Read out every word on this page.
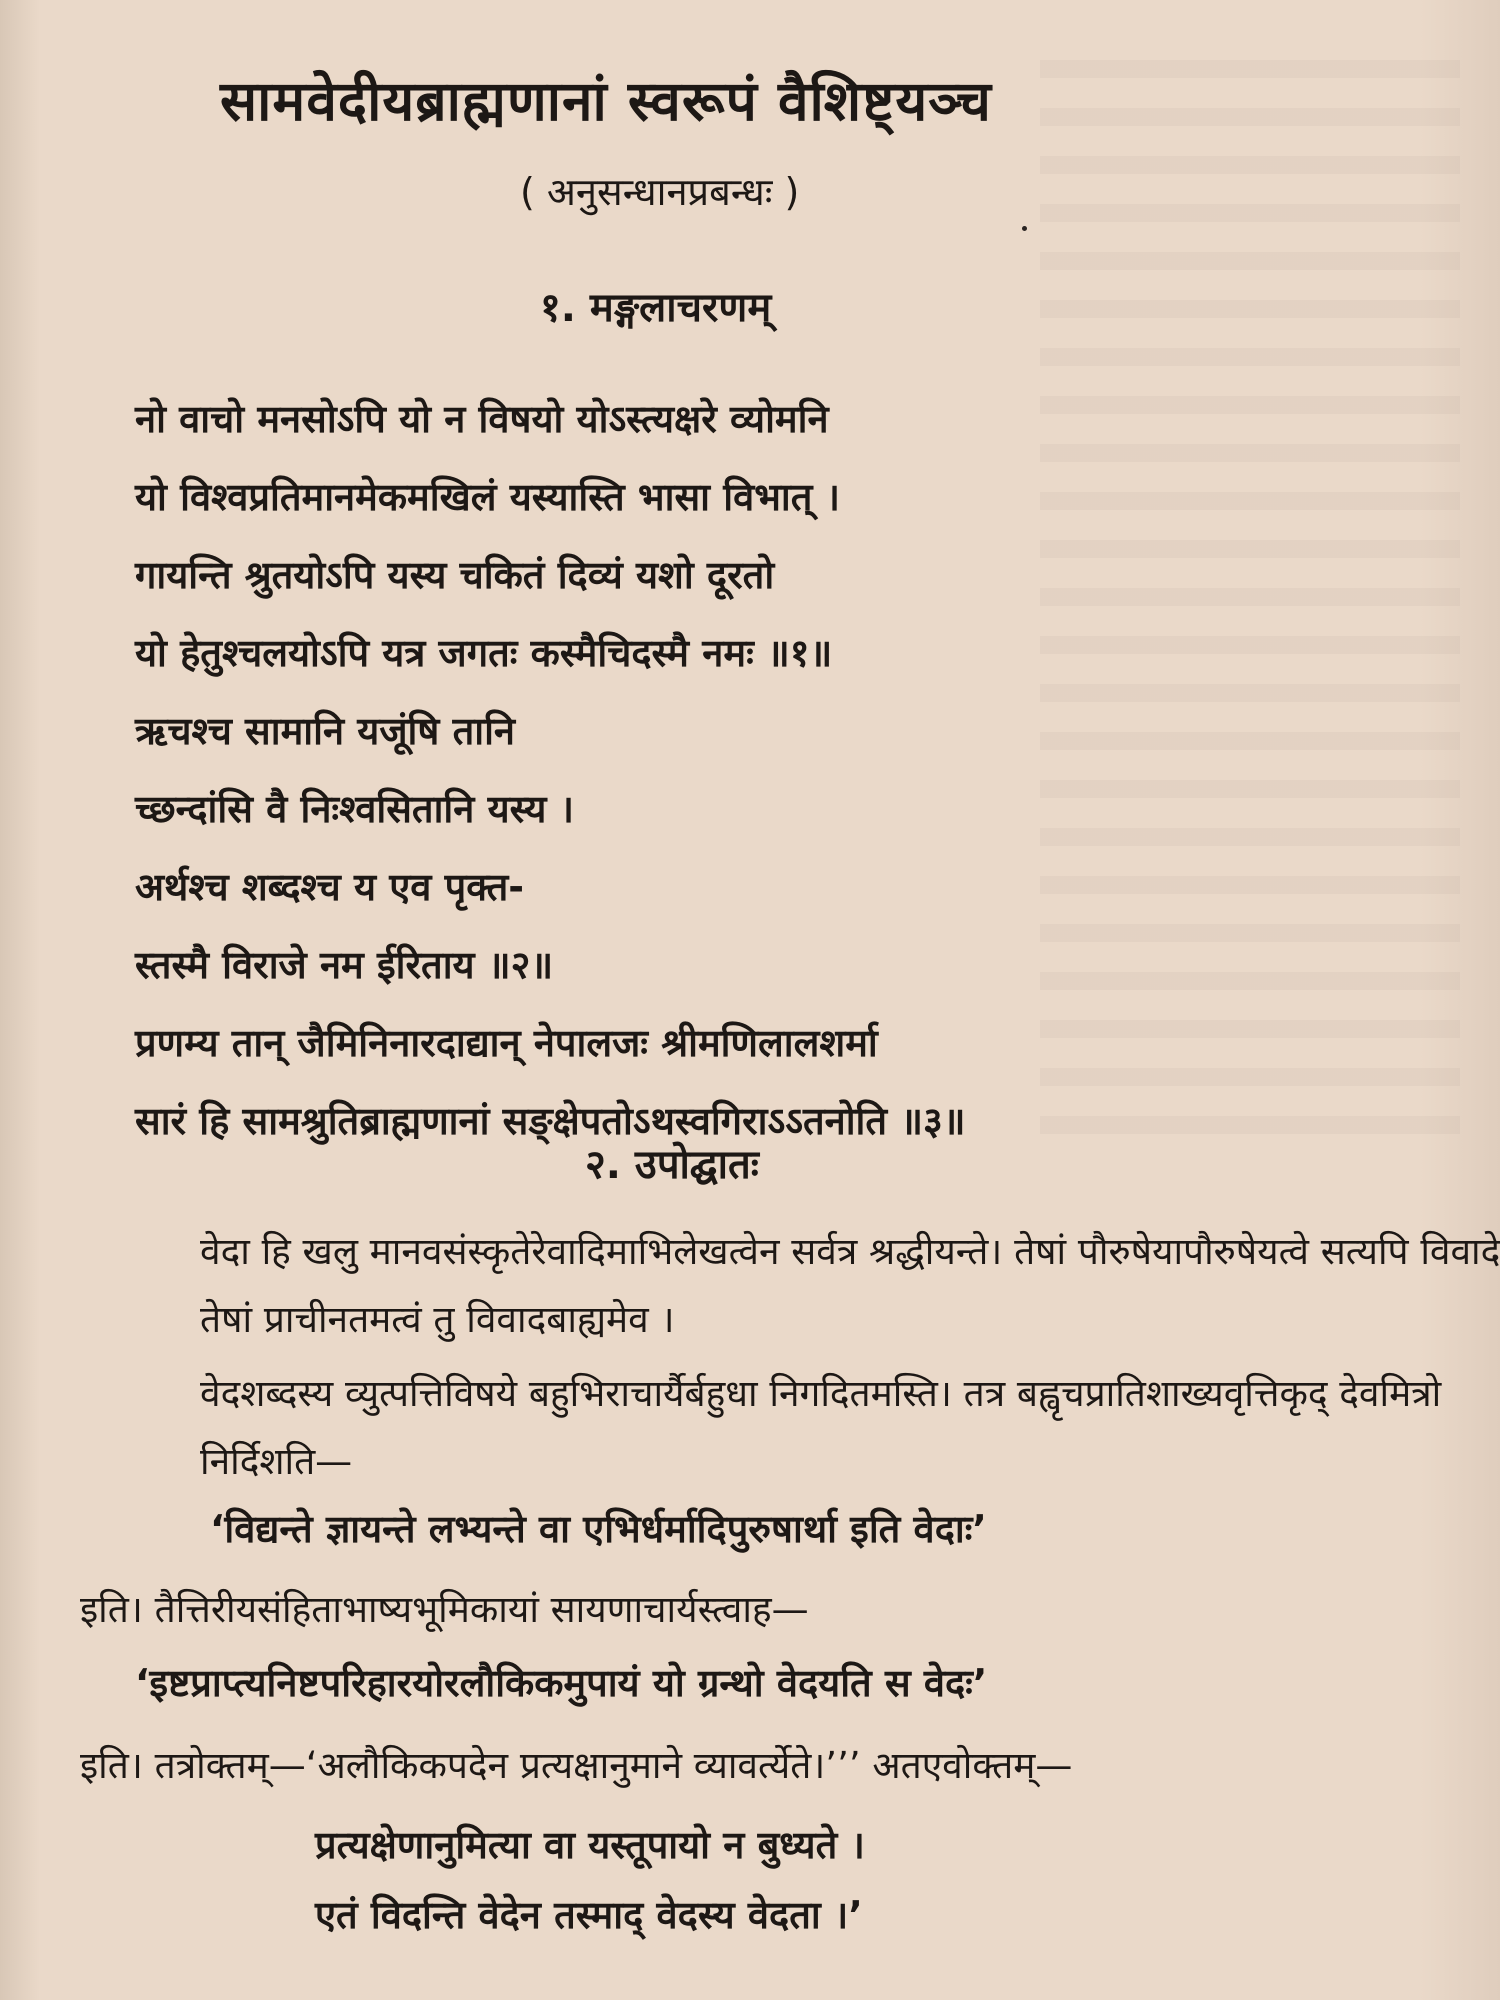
सामवेदीयब्राह्मणानां स्वरूपं वैशिष्ट्यञ्च
( अनुसन्धानप्रबन्धः )
१. मङ्गलाचरणम्
नो वाचो मनसोऽपि यो न विषयो योऽस्त्यक्षरे व्योमनि
यो विश्वप्रतिमानमेकमखिलं यस्यास्ति भासा विभात् ।
गायन्ति श्रुतयोऽपि यस्य चकितं दिव्यं यशो दूरतो
यो हेतुश्चलयोऽपि यत्र जगतः कस्मैचिदस्मै नमः ॥१॥
ऋचश्च सामानि यजूंषि तानि
च्छन्दांसि वै निःश्वसितानि यस्य ।
अर्थश्च शब्दश्च य एव पृक्त-
स्तस्मै विराजे नम ईरिताय ॥२॥
प्रणम्य तान् जैमिनिनारदाद्यान् नेपालजः श्रीमणिलालशर्मा
सारं हि सामश्रुतिब्राह्मणानां सङ्क्षेपतोऽथस्वगिराऽऽतनोति ॥३॥
२. उपोद्घातः
वेदा हि खलु मानवसंस्कृतेरेवादिमाभिलेखत्वेन सर्वत्र श्रद्धीयन्ते। तेषां पौरुषेयापौरुषेयत्वे सत्यपि विवादे तेषां प्राचीनतमत्वं तु विवादबाह्यमेव ।
वेदशब्दस्य व्युत्पत्तिविषये बहुभिराचार्यैर्बहुधा निगदितमस्ति। तत्र बह्वृचप्रातिशाख्यवृत्तिकृद् देवमित्रो निर्दिशति—
‘विद्यन्ते ज्ञायन्ते लभ्यन्ते वा एभिर्धर्मादिपुरुषार्था इति वेदाः’
इति। तैत्तिरीयसंहिताभाष्यभूमिकायां सायणाचार्यस्त्वाह—
‘इष्टप्राप्त्यनिष्टपरिहारयोरलौकिकमुपायं यो ग्रन्थो वेदयति स वेदः’
इति। तत्रोक्तम्—‘अलौकिकपदेन प्रत्यक्षानुमाने व्यावर्त्येते।’’’ अतएवोक्तम्—
प्रत्यक्षेणानुमित्या वा यस्तूपायो न बुध्यते ।
एतं विदन्ति वेदेन तस्माद् वेदस्य वेदता ।’
